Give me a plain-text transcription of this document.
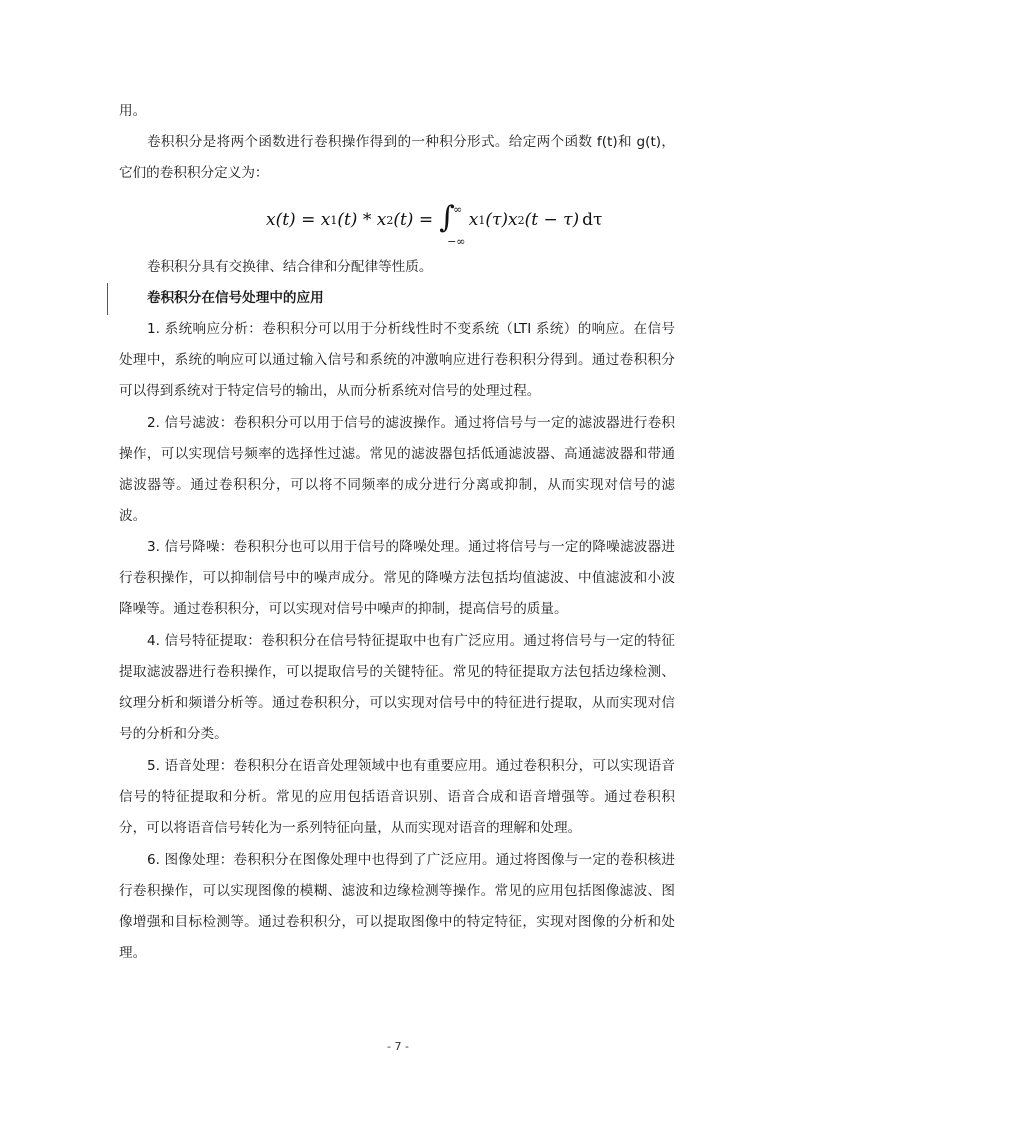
用。
卷积积分是将两个函数进行卷积操作得到的一种积分形式。给定两个函数 f(t)和 g(t)，它们的卷积积分定义为：
x(t) = x 1 (t) * x 2 (t) = ∫
∞
−∞
x 1 (τ)x 2 (t − τ) dτ
卷积积分具有交换律、结合律和分配律等性质。
卷积积分在信号处理中的应用
1. 系统响应分析：卷积积分可以用于分析线性时不变系统（LTI 系统）的响应。在信号处理中，系统的响应可以通过输入信号和系统的冲激响应进行卷积积分得到。通过卷积积分可以得到系统对于特定信号的输出，从而分析系统对信号的处理过程。
2. 信号滤波：卷积积分可以用于信号的滤波操作。通过将信号与一定的滤波器进行卷积操作，可以实现信号频率的选择性过滤。常见的滤波器包括低通滤波器、高通滤波器和带通滤波器等。通过卷积积分，可以将不同频率的成分进行分离或抑制，从而实现对信号的滤波。
3. 信号降噪：卷积积分也可以用于信号的降噪处理。通过将信号与一定的降噪滤波器进行卷积操作，可以抑制信号中的噪声成分。常见的降噪方法包括均值滤波、中值滤波和小波降噪等。通过卷积积分，可以实现对信号中噪声的抑制，提高信号的质量。
4. 信号特征提取：卷积积分在信号特征提取中也有广泛应用。通过将信号与一定的特征提取滤波器进行卷积操作，可以提取信号的关键特征。常见的特征提取方法包括边缘检测、纹理分析和频谱分析等。通过卷积积分，可以实现对信号中的特征进行提取，从而实现对信号的分析和分类。
5. 语音处理：卷积积分在语音处理领域中也有重要应用。通过卷积积分，可以实现语音信号的特征提取和分析。常见的应用包括语音识别、语音合成和语音增强等。通过卷积积分，可以将语音信号转化为一系列特征向量，从而实现对语音的理解和处理。
6. 图像处理：卷积积分在图像处理中也得到了广泛应用。通过将图像与一定的卷积核进行卷积操作，可以实现图像的模糊、滤波和边缘检测等操作。常见的应用包括图像滤波、图像增强和目标检测等。通过卷积积分，可以提取图像中的特定特征，实现对图像的分析和处理。
- 7 -
